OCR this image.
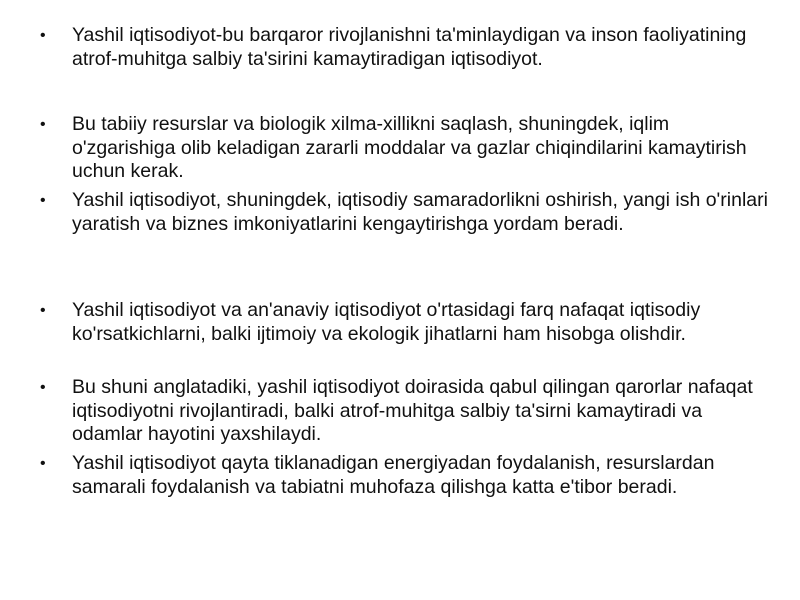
•	Yashil iqtisodiyot-bu barqaror rivojlanishni ta'minlaydigan va inson faoliyatining atrof-muhitga salbiy ta'sirini kamaytiradigan iqtisodiyot.
•	Bu tabiiy resurslar va biologik xilma-xillikni saqlash, shuningdek, iqlim o'zgarishiga olib keladigan zararli moddalar va gazlar chiqindilarini kamaytirish uchun kerak.
•	Yashil iqtisodiyot, shuningdek, iqtisodiy samaradorlikni oshirish, yangi ish o'rinlari yaratish va biznes imkoniyatlarini kengaytirishga yordam beradi.
•	Yashil iqtisodiyot va an'anaviy iqtisodiyot o'rtasidagi farq nafaqat iqtisodiy ko'rsatkichlarni, balki ijtimoiy va ekologik jihatlarni ham hisobga olishdir.
•	Bu shuni anglatadiki, yashil iqtisodiyot doirasida qabul qilingan qarorlar nafaqat iqtisodiyotni rivojlantiradi, balki atrof-muhitga salbiy ta'sirni kamaytiradi va odamlar hayotini yaxshilaydi.
•	Yashil iqtisodiyot qayta tiklanadigan energiyadan foydalanish, resurslardan samarali foydalanish va tabiatni muhofaza qilishga katta e'tibor beradi.
